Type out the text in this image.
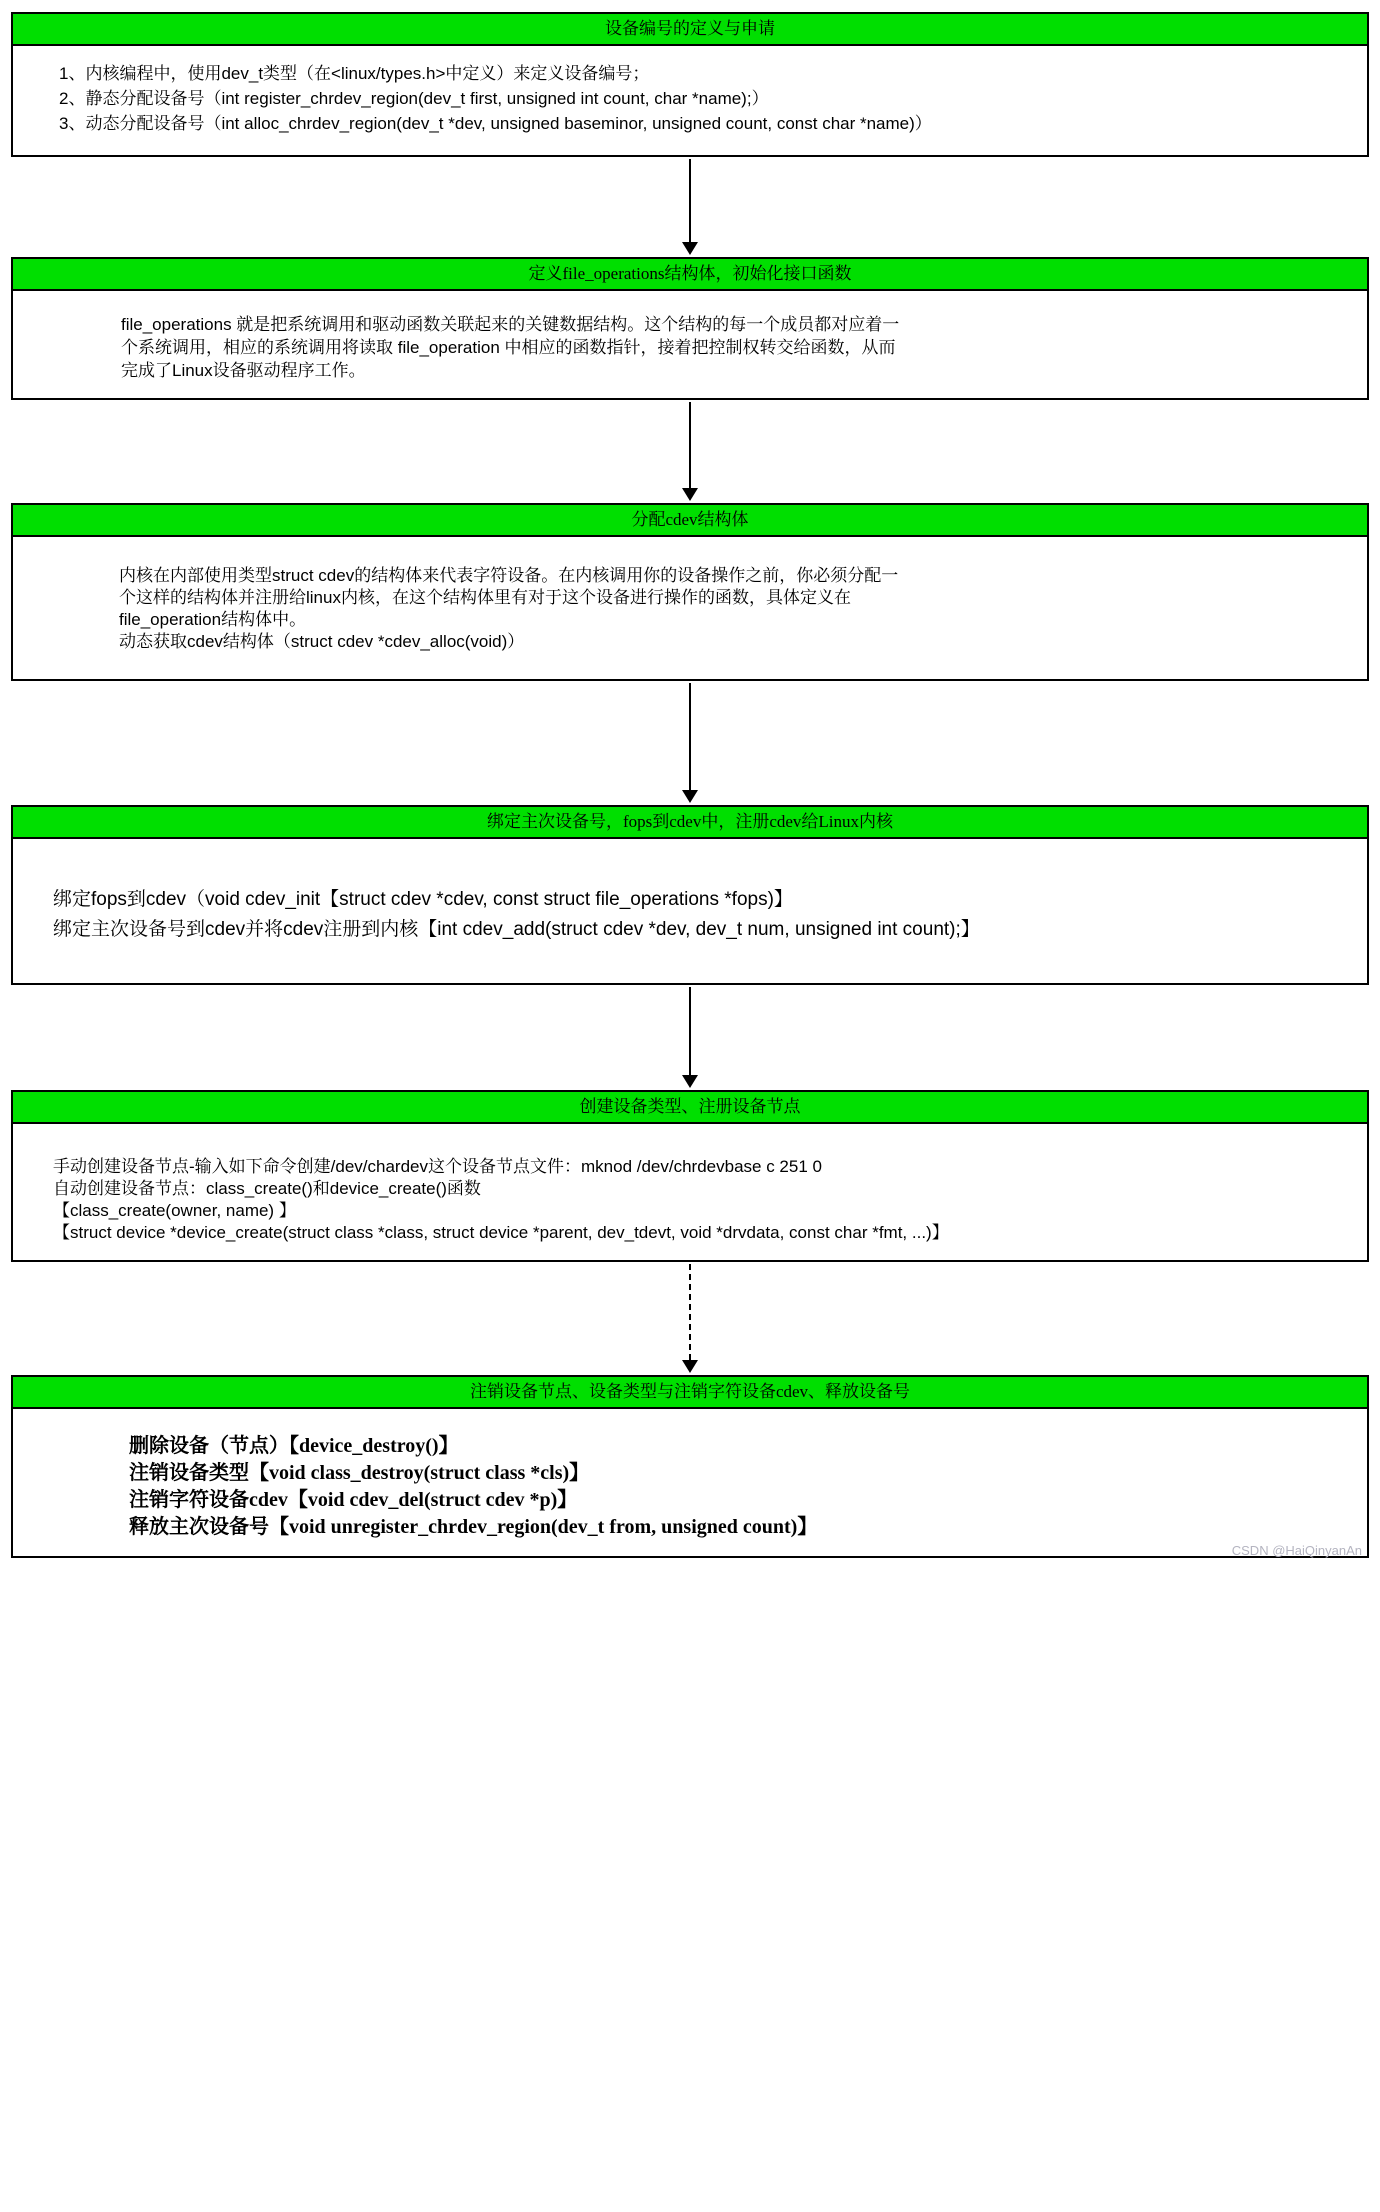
设备编号的定义与申请

1、内核编程中，使用dev_t类型（在<linux/types.h>中定义）来定义设备编号；

2、静态分配设备号（int register_chrdev_region(dev_t first, unsigned int count, char *name);）

3、动态分配设备号（int alloc_chrdev_region(dev_t *dev, unsigned baseminor, unsigned count, const char *name)）

定义file_operations结构体，初始化接口函数

file_operations 就是把系统调用和驱动函数关联起来的关键数据结构。这个结构的每一个成员都对应着一个系统调用，相应的系统调用将读取 file_operation 中相应的函数指针，接着把控制权转交给函数，从而完成了Linux设备驱动程序工作。

分配cdev结构体

内核在内部使用类型struct cdev的结构体来代表字符设备。在内核调用你的设备操作之前，你必须分配一个这样的结构体并注册给linux内核，在这个结构体里有对于这个设备进行操作的函数，具体定义在file_operation结构体中。

动态获取cdev结构体（struct cdev *cdev_alloc(void)）

绑定主次设备号，fops到cdev中，注册cdev给Linux内核

绑定fops到cdev（void cdev_init【struct cdev *cdev, const struct file_operations *fops)】

绑定主次设备号到cdev并将cdev注册到内核【int cdev_add(struct cdev *dev, dev_t num, unsigned int count);】

创建设备类型、注册设备节点

手动创建设备节点-输入如下命令创建/dev/chardev这个设备节点文件：mknod /dev/chrdevbase c 251 0

自动创建设备节点：class_create()和device_create()函数

【class_create(owner, name) 】

【struct device *device_create(struct class *class, struct device *parent, dev_tdevt, void *drvdata, const char *fmt, ...)】

注销设备节点、设备类型与注销字符设备cdev、释放设备号

删除设备（节点）【device_destroy()】

注销设备类型【void class_destroy(struct class *cls)】

注销字符设备cdev【void cdev_del(struct cdev *p)】

释放主次设备号【void unregister_chrdev_region(dev_t from, unsigned count)】

CSDN @HaiQinyanAn
